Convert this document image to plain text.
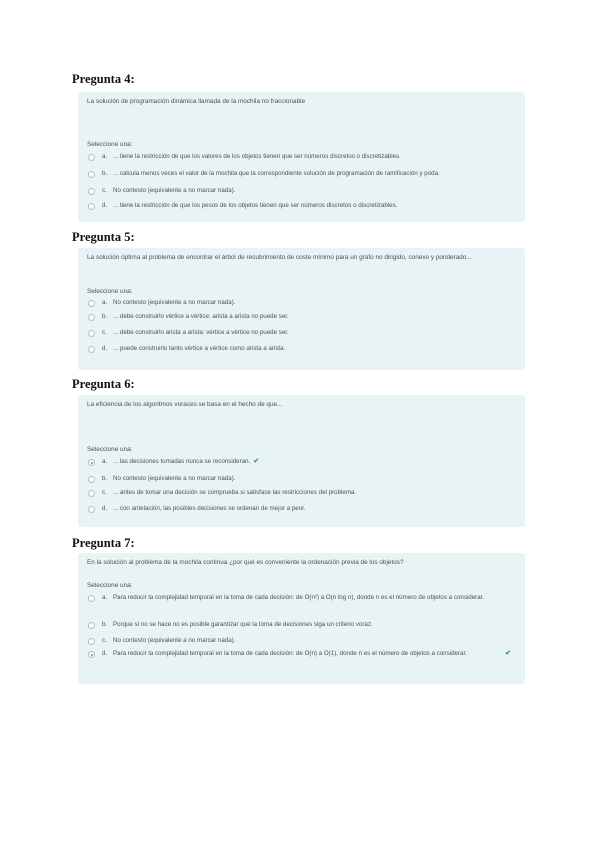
Pregunta 4:
La solución de programación dinámica llamada de la mochila no fraccionable
Seleccione una:
a. ... tiene la restricción de que los valores de los objetos tienen que ser números discretos o discretizables.
b. ... calcula menos veces el valor de la mochila que la correspondiente solución de programación de ramificación y poda.
c. No contesto (equivalente a no marcar nada).
d. ... tiene la restricción de que los pesos de los objetos tienen que ser números discretos o discretizables.
Pregunta 5:
La solución óptima al problema de encontrar el árbol de recubrimiento de coste mínimo para un grafo no dirigido, conexo y ponderado...
Seleccione una:
a. No contesto (equivalente a no marcar nada).
b. ... debe construirlo vértice a vértice: arista a arista no puede ser.
c. ... debe construirlo arista a arista: vértice a vértice no puede ser.
d. ... puede construirlo tanto vértice a vértice como arista a arista.
Pregunta 6:
La eficiencia de los algoritmos voraces se basa en el hecho de que...
Seleccione una:
a. ... las decisiones tomadas nunca se reconsideran. ✔
b. No contesto (equivalente a no marcar nada).
c. ... antes de tomar una decisión se comprueba si satisface las restricciones del problema.
d. ... con antelación, las posibles decisiones se ordenan de mejor a peor.
Pregunta 7:
En la solución al problema de la mochila continua ¿por qué es conveniente la ordenación previa de los objetos?
Seleccione una:
a. Para reducir la complejidad temporal en la toma de cada decisión: de O(n²) a O(n log n), donde n es el número de objetos a considerar.
b. Porque si no se hace no es posible garantizar que la toma de decisiones siga un criterio voraz.
c. No contesto (equivalente a no marcar nada).
d. Para reducir la complejidad temporal en la toma de cada decisión: de O(n) a O(1), donde n es el número de objetos a considerar.	✔
